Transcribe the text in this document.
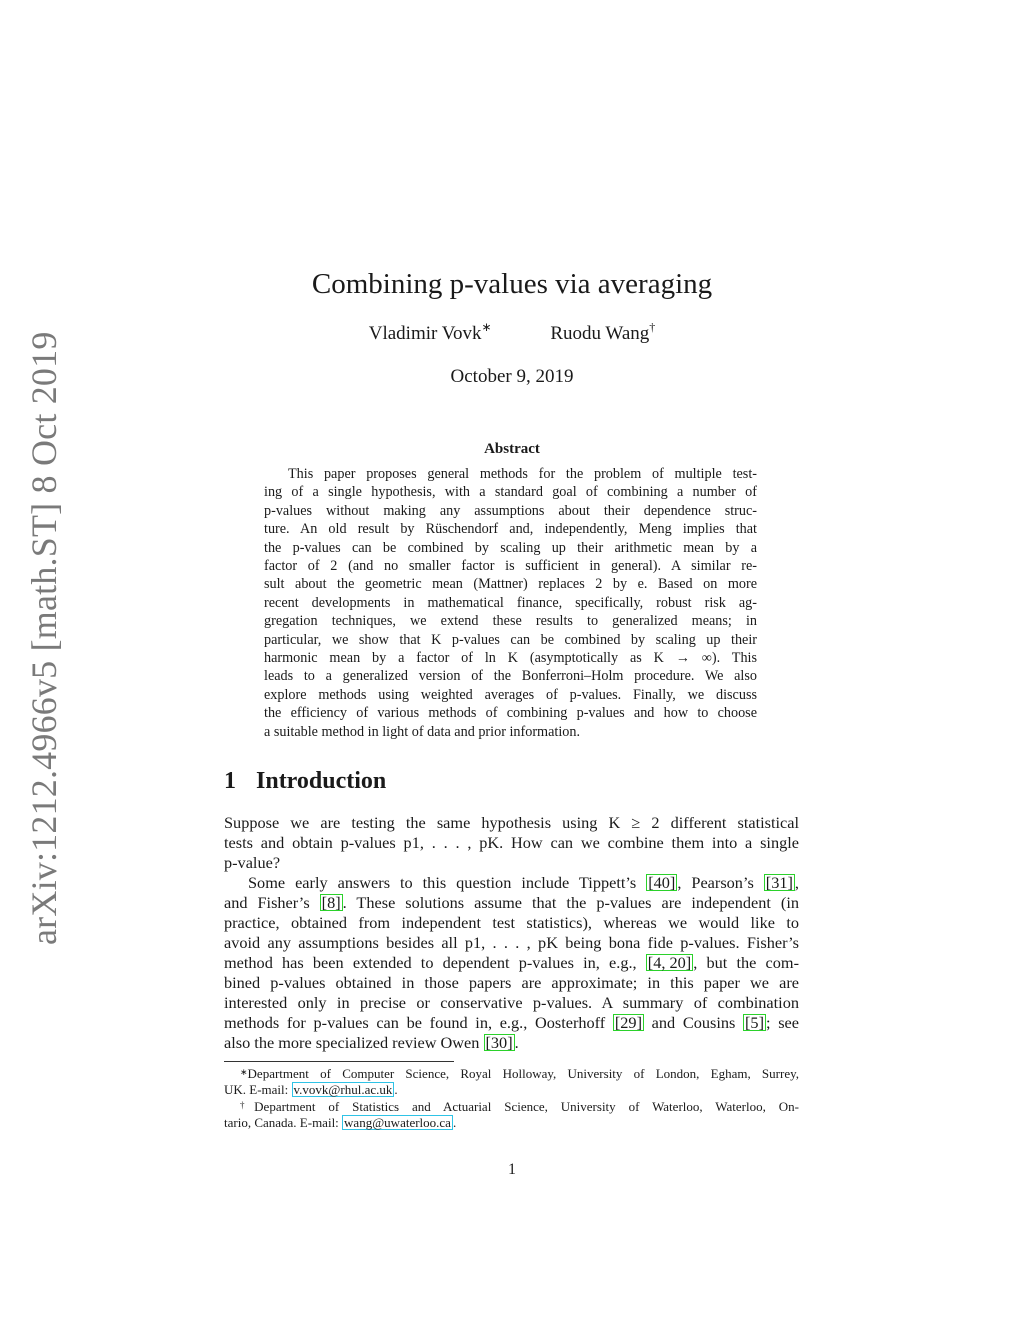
arXiv:1212.4966v5 [math.ST] 8 Oct 2019
Combining p-values via averaging
Vladimir Vovk∗	Ruodu Wang†
October 9, 2019
Abstract
This paper proposes general methods for the problem of multiple test-
ing of a single hypothesis, with a standard goal of combining a number of
p-values without making any assumptions about their dependence struc-
ture. An old result by Rüschendorf and, independently, Meng implies that
the p-values can be combined by scaling up their arithmetic mean by a
factor of 2 (and no smaller factor is sufficient in general). A similar re-
sult about the geometric mean (Mattner) replaces 2 by e. Based on more
recent developments in mathematical finance, specifically, robust risk ag-
gregation techniques, we extend these results to generalized means; in
particular, we show that K p-values can be combined by scaling up their
harmonic mean by a factor of ln K (asymptotically as K → ∞). This
leads to a generalized version of the Bonferroni–Holm procedure. We also
explore methods using weighted averages of p-values. Finally, we discuss
the efficiency of various methods of combining p-values and how to choose
a suitable method in light of data and prior information.
1 Introduction
Suppose we are testing the same hypothesis using K ≥ 2 different statistical
tests and obtain p-values p1, . . . , pK. How can we combine them into a single
p-value?
Some early answers to this question include Tippett’s [40] , Pearson’s [31] ,
and Fisher’s [8] . These solutions assume that the p-values are independent (in
practice, obtained from independent test statistics), whereas we would like to
avoid any assumptions besides all p1, . . . , pK being bona fide p-values. Fisher’s
method has been extended to dependent p-values in, e.g., [4, 20] , but the com-
bined p-values obtained in those papers are approximate; in this paper we are
interested only in precise or conservative p-values. A summary of combination
methods for p-values can be found in, e.g., Oosterhoff [29] and Cousins [5] ; see
also the more specialized review Owen [30] .
∗Department of Computer Science, Royal Holloway, University of London, Egham, Surrey,
UK. E-mail: v.vovk@rhul.ac.uk .
†Department of Statistics and Actuarial Science, University of Waterloo, Waterloo, On-
tario, Canada. E-mail: wang@uwaterloo.ca .
1
